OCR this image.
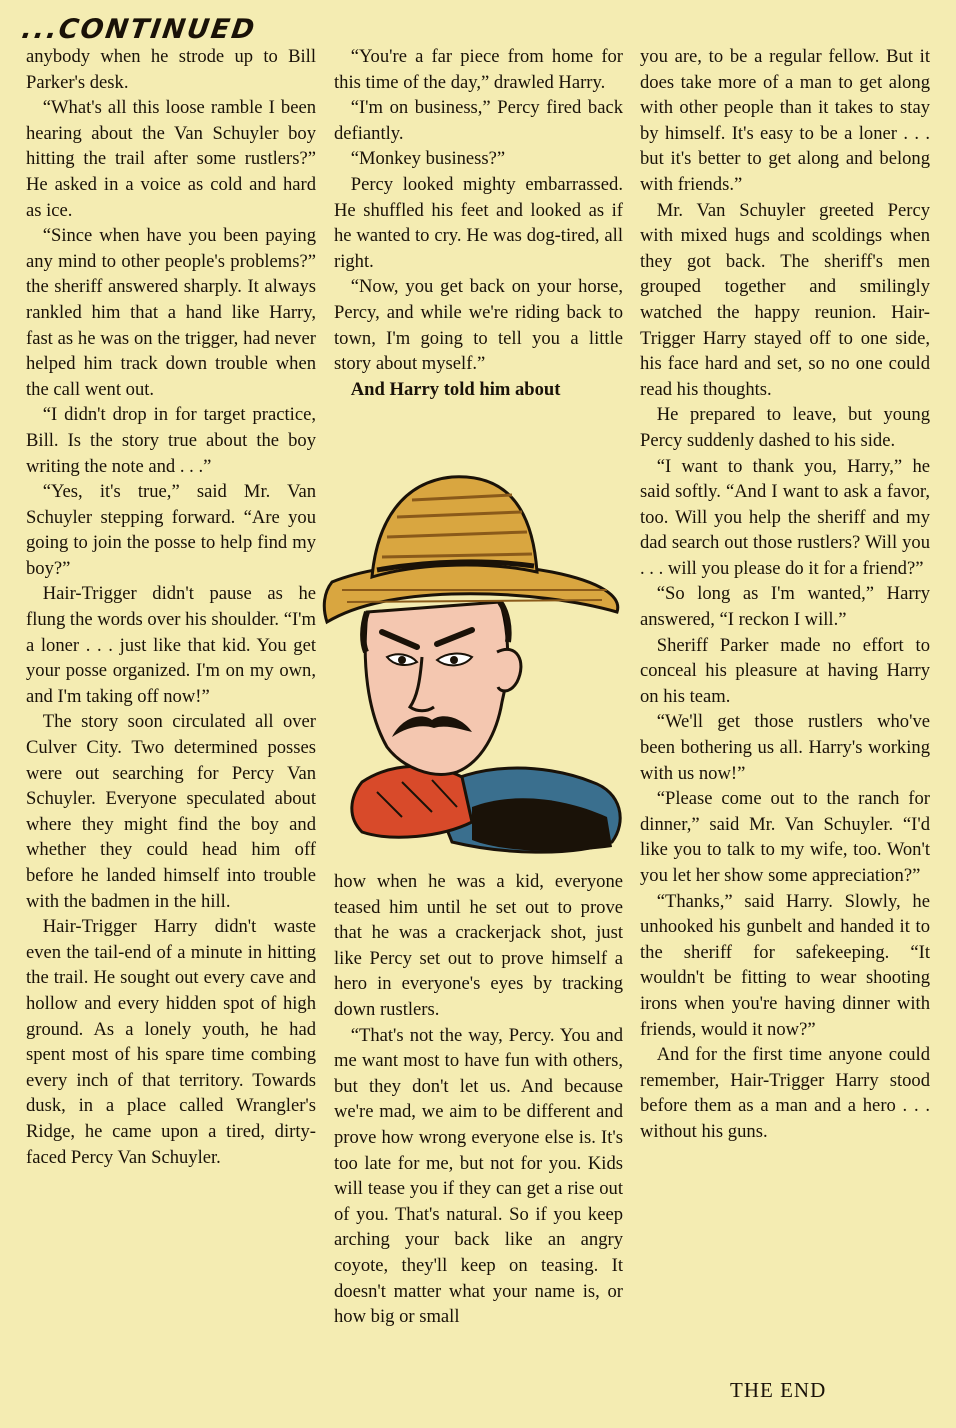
...CONTINUED

anybody when he strode up to Bill Parker's desk.

“What's all this loose ramble I been hearing about the Van Schuyler boy hitting the trail after some rustlers?” He asked in a voice as cold and hard as ice.

“Since when have you been paying any mind to other people's problems?” the sheriff answered sharply. It always rankled him that a hand like Harry, fast as he was on the trigger, had never helped him track down trouble when the call went out.

“I didn't drop in for target practice, Bill. Is the story true about the boy writing the note and . . .”

“Yes, it's true,” said Mr. Van Schuyler stepping forward. “Are you going to join the posse to help find my boy?”

Hair-Trigger didn't pause as he flung the words over his shoulder. “I'm a loner . . . just like that kid. You get your posse organized. I'm on my own, and I'm taking off now!”

The story soon circulated all over Culver City. Two determined posses were out searching for Percy Van Schuyler. Everyone speculated about where they might find the boy and whether they could head him off before he landed himself into trouble with the badmen in the hill.

Hair-Trigger Harry didn't waste even the tail-end of a minute in hitting the trail. He sought out every cave and hollow and every hidden spot of high ground. As a lonely youth, he had spent most of his spare time combing every inch of that territory. Towards dusk, in a place called Wrangler's Ridge, he came upon a tired, dirty-faced Percy Van Schuyler.

“You're a far piece from home for this time of the day,” drawled Harry.

“I'm on business,” Percy fired back defiantly.

“Monkey business?”

Percy looked mighty embarrassed. He shuffled his feet and looked as if he wanted to cry. He was dog-tired, all right.

“Now, you get back on your horse, Percy, and while we're riding back to town, I'm going to tell you a little story about myself.”

And Harry told him about

how when he was a kid, everyone teased him until he set out to prove that he was a crackerjack shot, just like Percy set out to prove himself a hero in everyone's eyes by tracking down rustlers.

“That's not the way, Percy. You and me want most to have fun with others, but they don't let us. And because we're mad, we aim to be different and prove how wrong everyone else is. It's too late for me, but not for you. Kids will tease you if they can get a rise out of you. That's natural. So if you keep arching your back like an angry coyote, they'll keep on teasing. It doesn't matter what your name is, or how big or small

you are, to be a regular fellow. But it does take more of a man to get along with other people than it takes to stay by himself. It's easy to be a loner . . . but it's better to get along and belong with friends.”

Mr. Van Schuyler greeted Percy with mixed hugs and scoldings when they got back. The sheriff's men grouped together and smilingly watched the happy reunion. Hair-Trigger Harry stayed off to one side, his face hard and set, so no one could read his thoughts.

He prepared to leave, but young Percy suddenly dashed to his side.

“I want to thank you, Harry,” he said softly. “And I want to ask a favor, too. Will you help the sheriff and my dad search out those rustlers? Will you . . . will you please do it for a friend?”

“So long as I'm wanted,” Harry answered, “I reckon I will.”

Sheriff Parker made no effort to conceal his pleasure at having Harry on his team.

“We'll get those rustlers who've been bothering us all. Harry's working with us now!”

“Please come out to the ranch for dinner,” said Mr. Van Schuyler. “I'd like you to talk to my wife, too. Won't you let her show some appreciation?”

“Thanks,” said Harry. Slowly, he unhooked his gunbelt and handed it to the sheriff for safekeeping. “It wouldn't be fitting to wear shooting irons when you're having dinner with friends, would it now?”

And for the first time anyone could remember, Hair-Trigger Harry stood before them as a man and a hero . . . without his guns.

THE END
